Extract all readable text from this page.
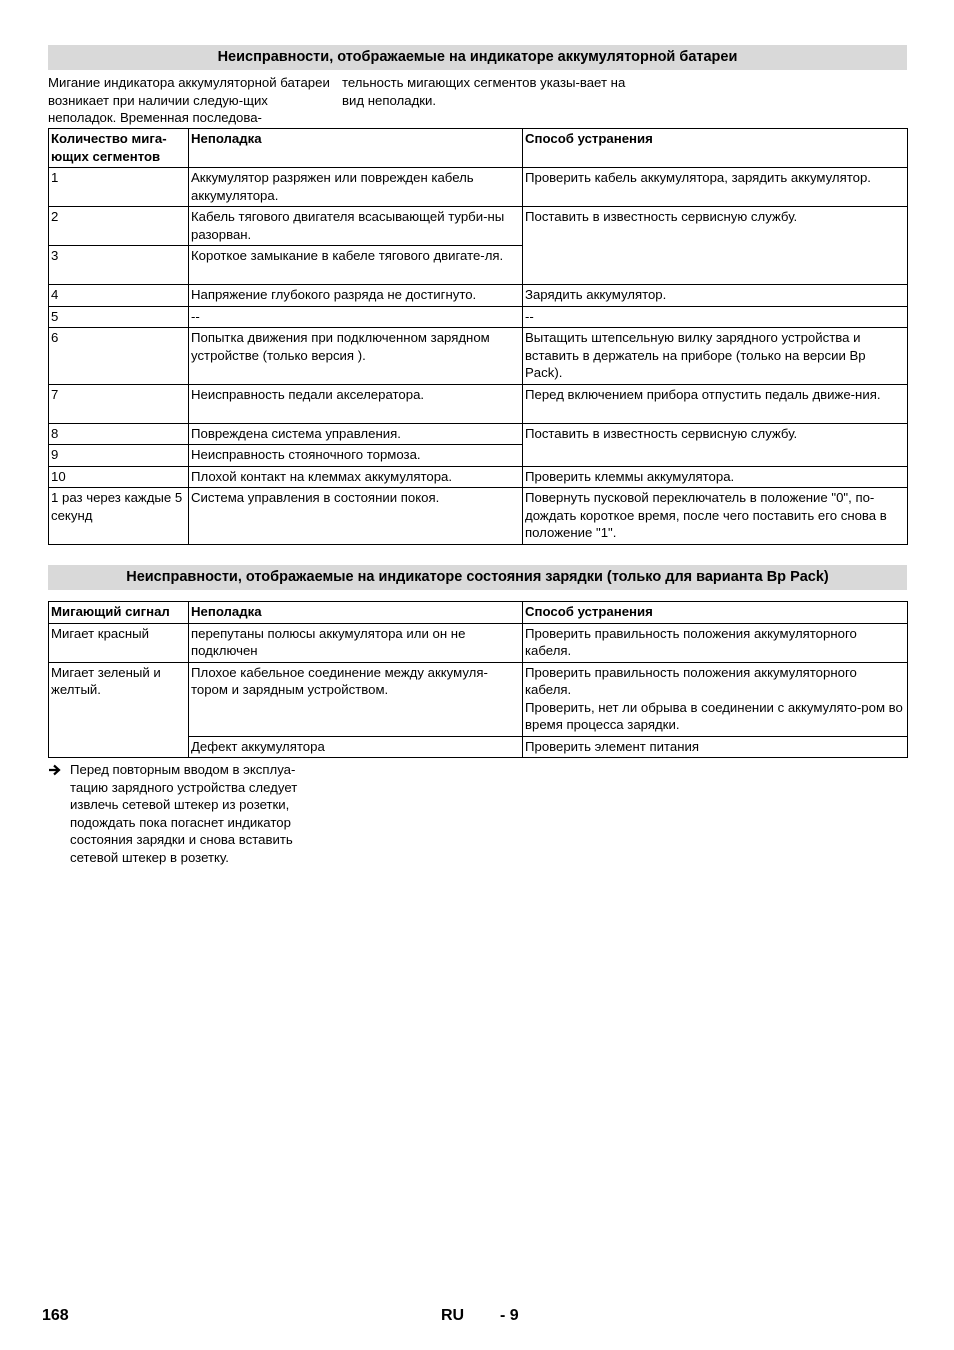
Неисправности, отображаемые на индикаторе аккумуляторной батареи
Мигание индикатора аккумуляторной батареи возникает при наличии следую-щих неполадок. Временная последова-
тельность мигающих сегментов указы-вает на вид неполадки.
Количество мига-ющих сегментов	Неполадка	Способ устранения
1	Аккумулятор разряжен или поврежден кабель аккумулятора.	Проверить кабель аккумулятора, зарядить аккумулятор.
2	Кабель тягового двигателя всасывающей турби-ны разорван.	Поставить в известность сервисную службу.
3	Короткое замыкание в кабеле тягового двигате-ля.	
4	Напряжение глубокого разряда не достигнуто.	Зарядить аккумулятор.
5	--	--
6	Попытка движения при подключенном зарядном устройстве (только версия ).	Вытащить штепсельную вилку зарядного устройства и вставить в держатель на приборе (только на версии Bp Pack).
7	Неисправность педали акселератора.	Перед включением прибора отпустить педаль движе-ния.
8	Повреждена система управления.	Поставить в известность сервисную службу.
9	Неисправность стояночного тормоза.	
10	Плохой контакт на клеммах аккумулятора.	Проверить клеммы аккумулятора.
1 раз через каждые 5 секунд	Система управления в состоянии покоя.	Повернуть пусковой переключатель в положение "0", по-дождать короткое время, после чего поставить его снова в положение "1".
Неисправности, отображаемые на индикаторе состояния зарядки (только для варианта Bp Pack)
Мигающий сигнал	Неполадка	Способ устранения
Мигает красный	перепутаны полюсы аккумулятора или он не подключен	Проверить правильность положения аккумуляторного кабеля.
Мигает зеленый и желтый.	Плохое кабельное соединение между аккумуля-тором и зарядным устройством.	Проверить правильность положения аккумуляторного кабеля.
Проверить, нет ли обрыва в соединении с аккумулято-ром во время процесса зарядки.

	Дефект аккумулятора	Проверить элемент питания
Перед повторным вводом в эксплуа-тацию зарядного устройства следует извлечь сетевой штекер из розетки, подождать пока погаснет индикатор состояния зарядки и снова вставить сетевой штекер в розетку.
168	RU - 9
